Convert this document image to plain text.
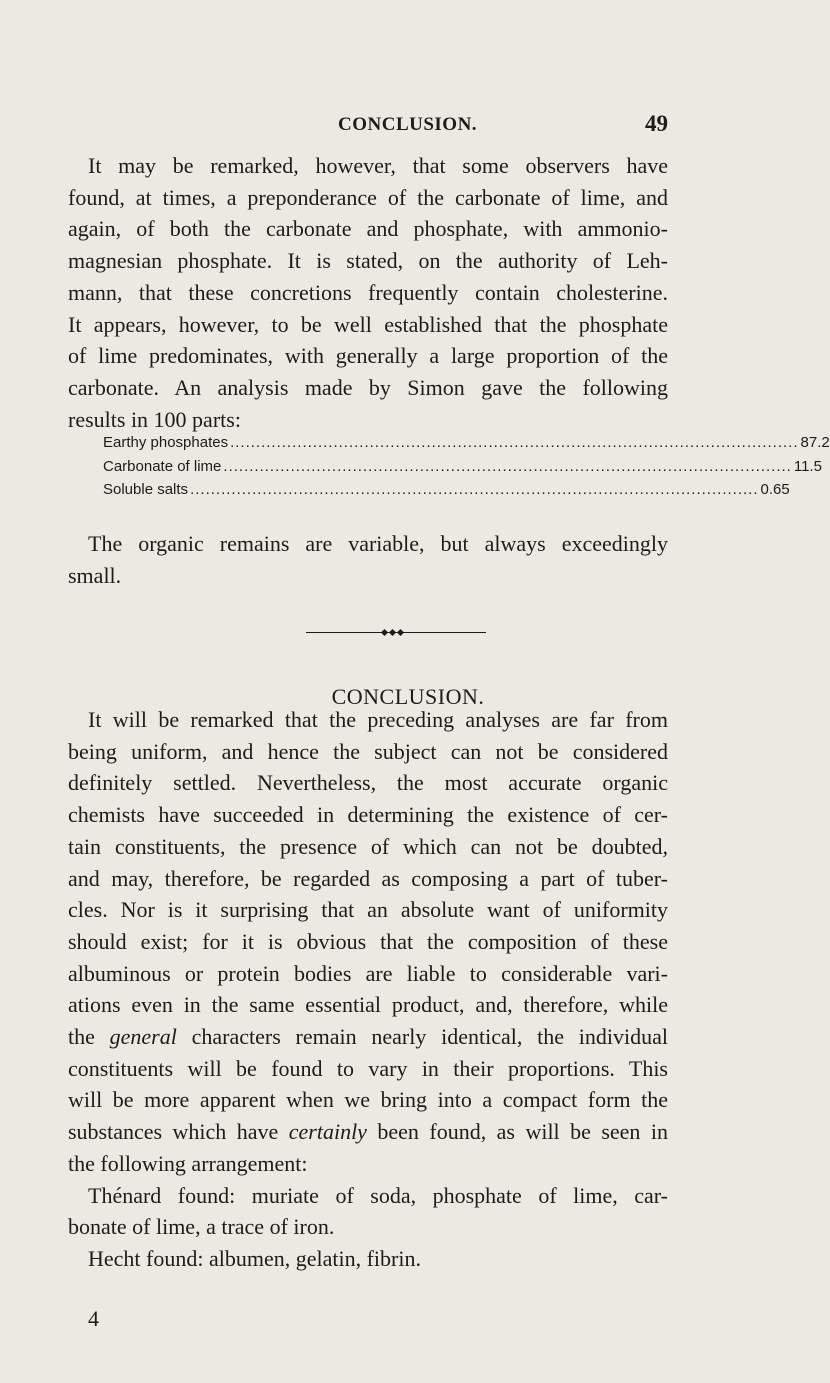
CONCLUSION.	49
It may be remarked, however, that some observers have
found, at times, a preponderance of the carbonate of lime, and
again, of both the carbonate and phosphate, with ammonio-
magnesian phosphate. It is stated, on the authority of Leh-
mann, that these concretions frequently contain cholesterine.
It appears, however, to be well established that the phosphate
of lime predominates, with generally a large proportion of the
carbonate. An analysis made by Simon gave the following
results in 100 parts:
Earthy phosphates .............................................................................................................. 87.2
Carbonate of lime .............................................................................................................. 11.5
Soluble salts .............................................................................................................. 0.65
The organic remains are variable, but always exceedingly
small.
CONCLUSION.
It will be remarked that the preceding analyses are far from
being uniform, and hence the subject can not be considered
definitely settled. Nevertheless, the most accurate organic
chemists have succeeded in determining the existence of cer-
tain constituents, the presence of which can not be doubted,
and may, therefore, be regarded as composing a part of tuber-
cles. Nor is it surprising that an absolute want of uniformity
should exist; for it is obvious that the composition of these
albuminous or protein bodies are liable to considerable vari-
ations even in the same essential product, and, therefore, while
the general characters remain nearly identical, the individual
constituents will be found to vary in their proportions. This
will be more apparent when we bring into a compact form the
substances which have certainly been found, as will be seen in
the following arrangement:
Thénard found: muriate of soda, phosphate of lime, car-
bonate of lime, a trace of iron.
Hecht found: albumen, gelatin, fibrin.
4
